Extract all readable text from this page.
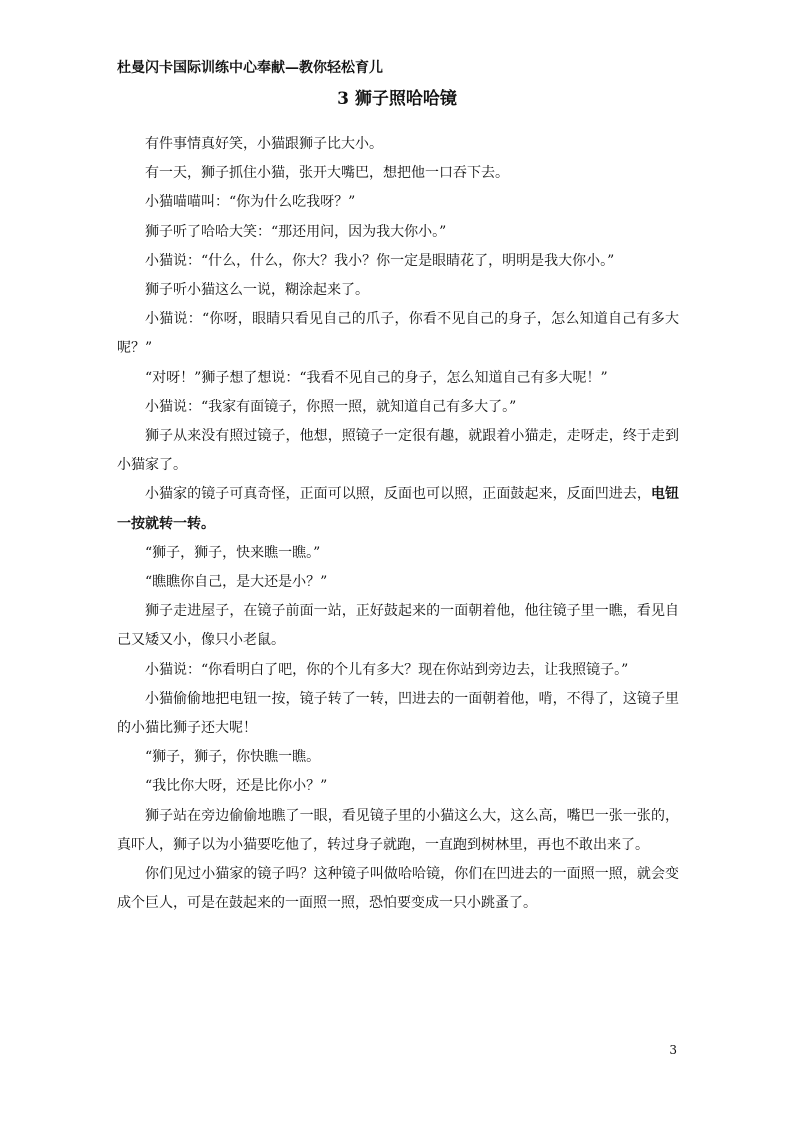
杜曼闪卡国际训练中心奉献—教你轻松育儿
3 狮子照哈哈镜

有件事情真好笑，小猫跟狮子比大小。

有一天，狮子抓住小猫，张开大嘴巴，想把他一口吞下去。

小猫喵喵叫：“你为什么吃我呀？”

狮子听了哈哈大笑：“那还用问，因为我大你小。”

小猫说：“什么，什么，你大？我小？你一定是眼睛花了，明明是我大你小。”

狮子听小猫这么一说，糊涂起来了。

小猫说：“你呀，眼睛只看见自己的爪子，你看不见自己的身子，怎么知道自己有多大呢？”

“对呀！”狮子想了想说：“我看不见自己的身子，怎么知道自己有多大呢！”

小猫说：“我家有面镜子，你照一照，就知道自己有多大了。”

狮子从来没有照过镜子，他想，照镜子一定很有趣，就跟着小猫走，走呀走，终于走到小猫家了。

小猫家的镜子可真奇怪，正面可以照，反面也可以照，正面鼓起来，反面凹进去，电钮一按就转一转。

“狮子，狮子，快来瞧一瞧。”

“瞧瞧你自己，是大还是小？”

狮子走进屋子，在镜子前面一站，正好鼓起来的一面朝着他，他往镜子里一瞧，看见自己又矮又小，像只小老鼠。

小猫说：“你看明白了吧，你的个儿有多大？现在你站到旁边去，让我照镜子。”

小猫偷偷地把电钮一按，镜子转了一转，凹进去的一面朝着他，啃，不得了，这镜子里的小猫比狮子还大呢！

“狮子，狮子，你快瞧一瞧。

“我比你大呀，还是比你小？”

狮子站在旁边偷偷地瞧了一眼，看见镜子里的小猫这么大，这么高，嘴巴一张一张的，真吓人，狮子以为小猫要吃他了，转过身子就跑，一直跑到树林里，再也不敢出来了。

你们见过小猫家的镜子吗？这种镜子叫做哈哈镜，你们在凹进去的一面照一照，就会变成个巨人，可是在鼓起来的一面照一照，恐怕要变成一只小跳蚤了。

3
